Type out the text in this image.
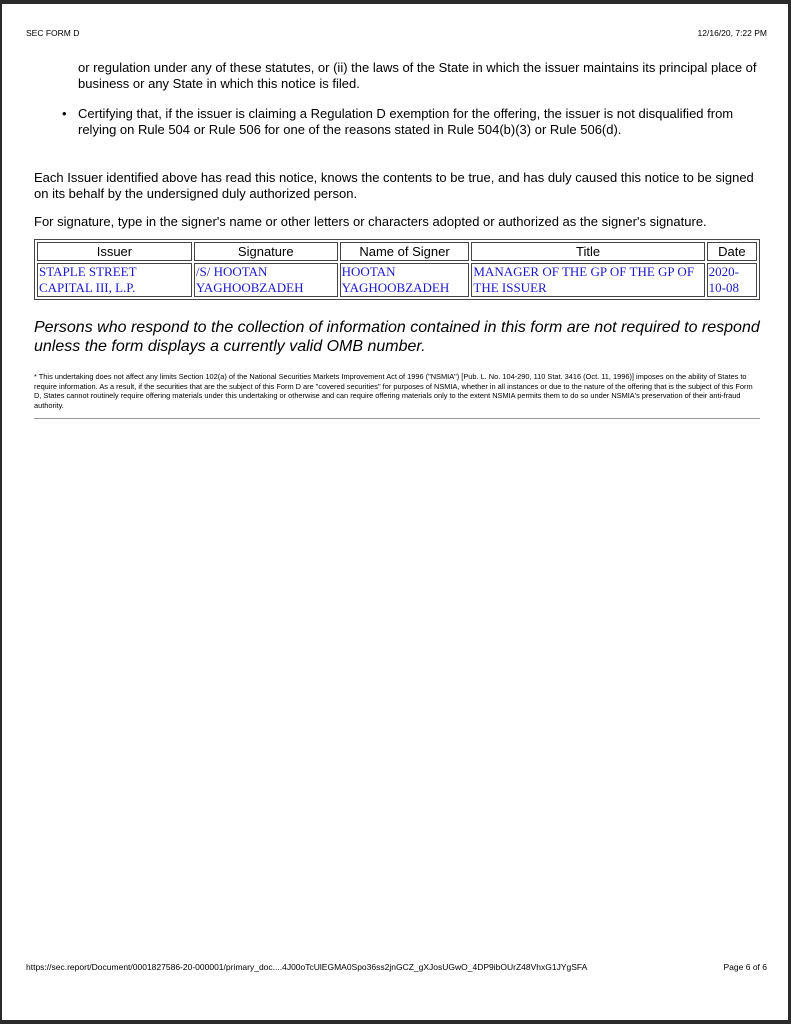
SEC FORM D	12/16/20, 7:22 PM

or regulation under any of these statutes, or (ii) the laws of the State in which the issuer maintains its principal place of business or any State in which this notice is filed.

• Certifying that, if the issuer is claiming a Regulation D exemption for the offering, the issuer is not disqualified from relying on Rule 504 or Rule 506 for one of the reasons stated in Rule 504(b)(3) or Rule 506(d).

Each Issuer identified above has read this notice, knows the contents to be true, and has duly caused this notice to be signed on its behalf by the undersigned duly authorized person.

For signature, type in the signer's name or other letters or characters adopted or authorized as the signer's signature.

Issuer	Signature	Name of Signer	Title	Date
STAPLE STREET CAPITAL III, L.P.	/S/ HOOTAN YAGHOOBZADEH	HOOTAN YAGHOOBZADEH	MANAGER OF THE GP OF THE GP OF THE ISSUER	2020-10-08

Persons who respond to the collection of information contained in this form are not required to respond unless the form displays a currently valid OMB number.

* This undertaking does not affect any limits Section 102(a) of the National Securities Markets Improvement Act of 1996 ("NSMIA") [Pub. L. No. 104-290, 110 Stat. 3416 (Oct. 11, 1996)] imposes on the ability of States to require information. As a result, if the securities that are the subject of this Form D are "covered securities" for purposes of NSMIA, whether in all instances or due to the nature of the offering that is the subject of this Form D, States cannot routinely require offering materials under this undertaking or otherwise and can require offering materials only to the extent NSMIA permits them to do so under NSMIA's preservation of their anti-fraud authority.

https://sec.report/Document/0001827586-20-000001/primary_doc....4J00oTcUlEGMA0Spo36ss2jnGCZ_gXJosUGwO_4DP9ibOUrZ48VhxG1JYgSFA	Page 6 of 6
